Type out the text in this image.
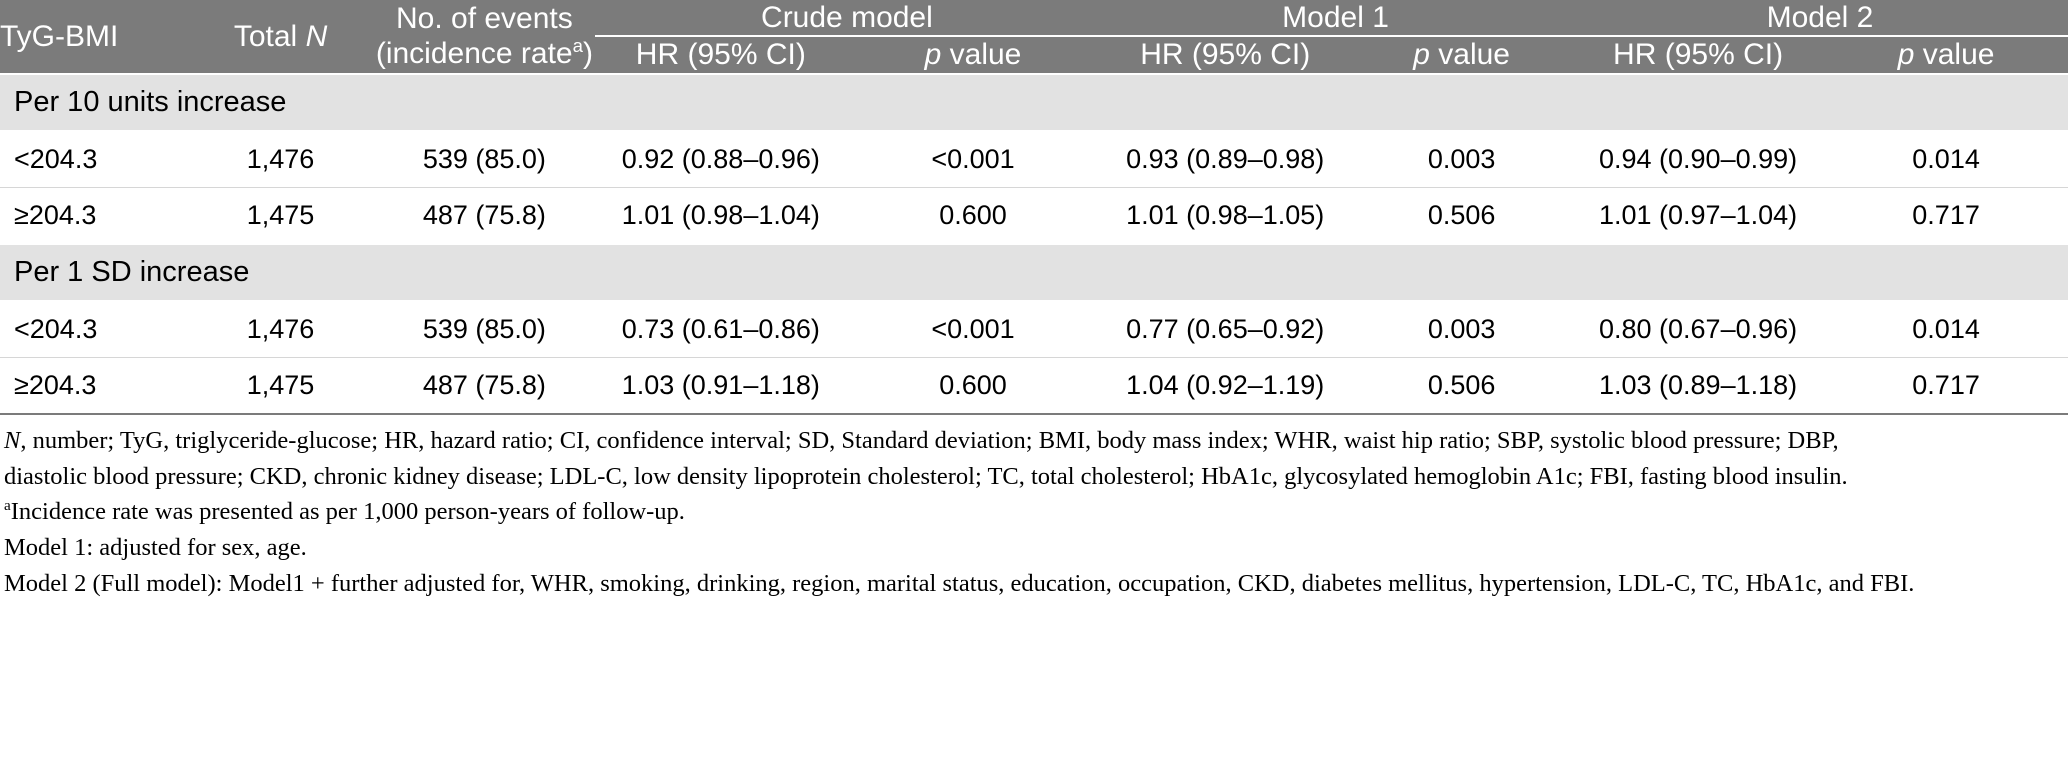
TyG-BMI	Total N	No. of events (incidence rate$^a$)	Crude model		Model 1		Model 2	
			HR (95% CI)	p value	HR (95% CI)	p value	HR (95% CI)	p value
Per 10 units increase								
<204.3	1,476	539 (85.0)	0.92 (0.88–0.96)	<0.001	0.93 (0.89–0.98)	0.003	0.94 (0.90–0.99)	0.014
≥204.3	1,475	487 (75.8)	1.01 (0.98–1.04)	0.600	1.01 (0.98–1.05)	0.506	1.01 (0.97–1.04)	0.717
Per 1 SD increase								
<204.3	1,476	539 (85.0)	0.73 (0.61–0.86)	<0.001	0.77 (0.65–0.92)	0.003	0.80 (0.67–0.96)	0.014
≥204.3	1,475	487 (75.8)	1.03 (0.91–1.18)	0.600	1.04 (0.92–1.19)	0.506	1.03 (0.89–1.18)	0.717

N, number; TyG, triglyceride-glucose; HR, hazard ratio; CI, confidence interval; SD, Standard deviation; BMI, body mass index; WHR, waist hip ratio; SBP, systolic blood pressure; DBP,

diastolic blood pressure; CKD, chronic kidney disease; LDL-C, low density lipoprotein cholesterol; TC, total cholesterol; HbA1c, glycosylated hemoglobin A1c; FBI, fasting blood insulin.

$^a$Incidence rate was presented as per 1,000 person-years of follow-up.

Model 1: adjusted for sex, age.

Model 2 (Full model): Model1 + further adjusted for, WHR, smoking, drinking, region, marital status, education, occupation, CKD, diabetes mellitus, hypertension, LDL-C, TC, HbA1c, and FBI.
